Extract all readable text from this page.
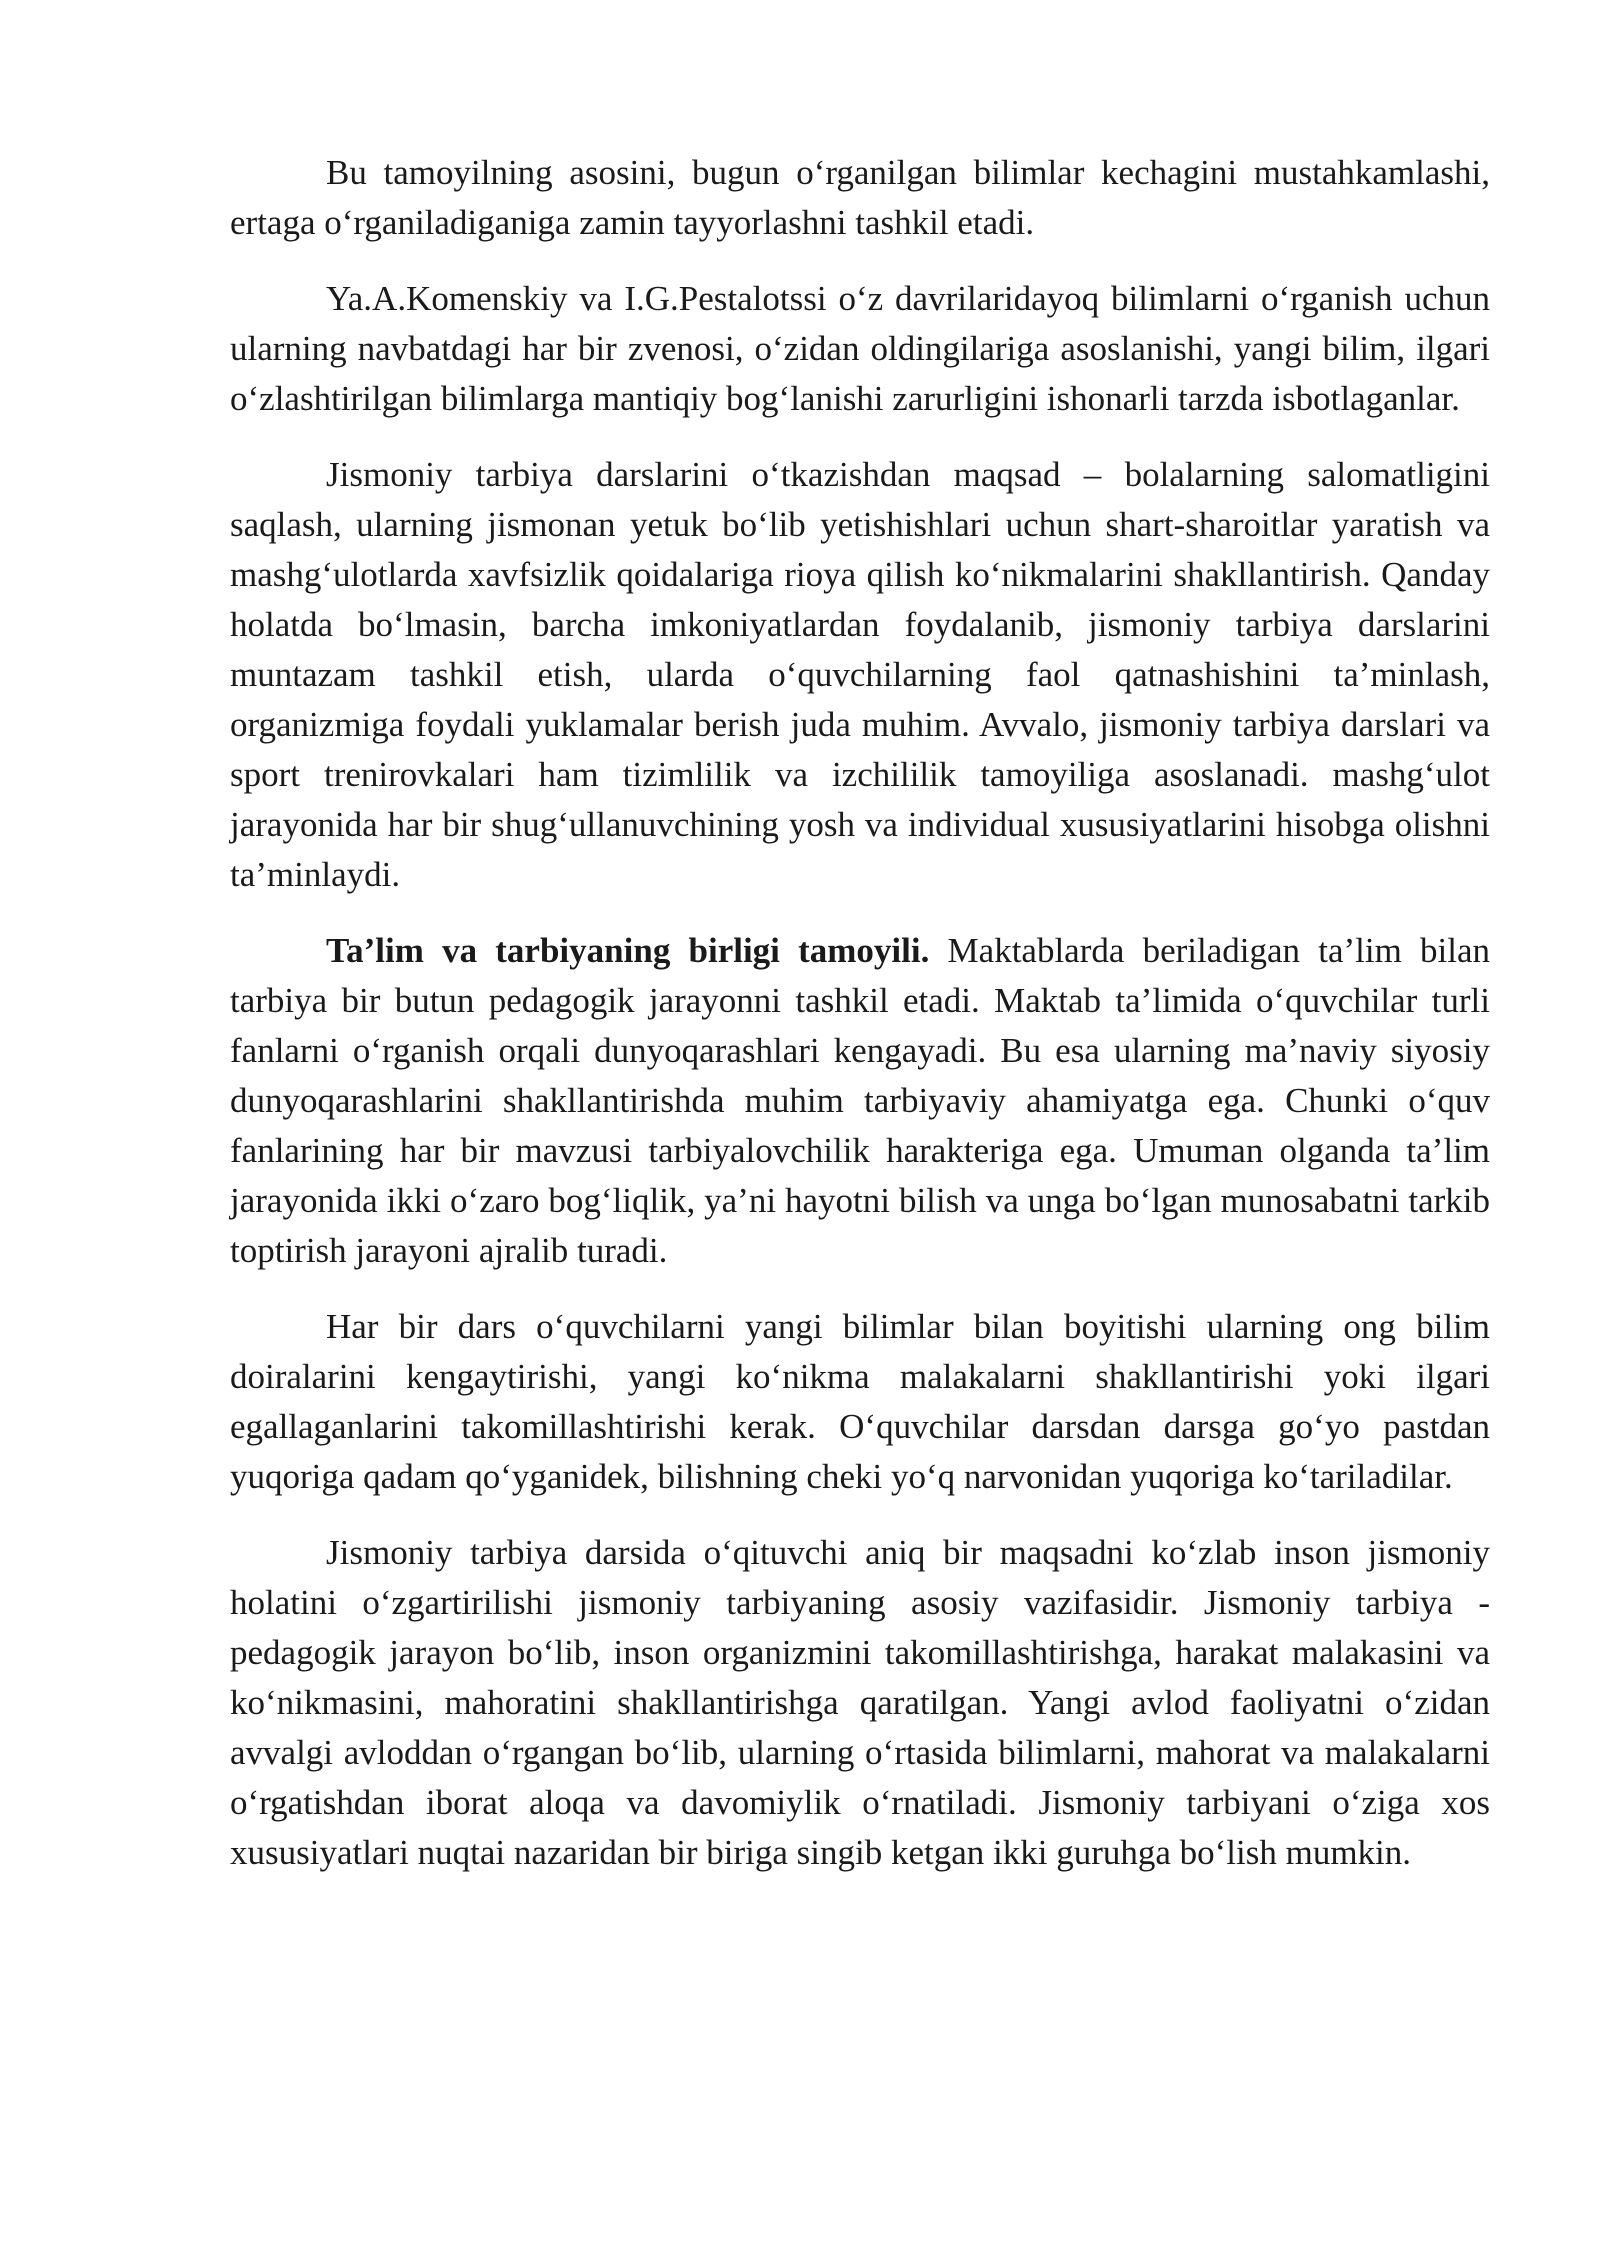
Bu tamoyilning asosini, bugun o‘rganilgan bilimlar kechagini mustahkamlashi, ertaga o‘rganiladiganiga zamin tayyorlashni tashkil etadi.

Ya.A.Komenskiy va I.G.Pestalotssi o‘z davrilaridayoq bilimlarni o‘rganish uchun ularning navbatdagi har bir zvenosi, o‘zidan oldingilariga asoslanishi, yangi bilim, ilgari o‘zlashtirilgan bilimlarga mantiqiy bog‘lanishi zarurligini ishonarli tarzda isbotlaganlar.

Jismoniy tarbiya darslarini o‘tkazishdan maqsad – bolalarning salomatligini saqlash, ularning jismonan yetuk bo‘lib yetishishlari uchun shart-sharoitlar yaratish va mashg‘ulotlarda xavfsizlik qoidalariga rioya qilish ko‘nikmalarini shakllantirish. Qanday holatda bo‘lmasin, barcha imkoniyatlardan foydalanib, jismoniy tarbiya darslarini muntazam tashkil etish, ularda o‘quvchilarning faol qatnashishini ta’minlash, organizmiga foydali yuklamalar berish juda muhim. Avvalo, jismoniy tarbiya darslari va sport trenirovkalari ham tizimlilik va izchililik tamoyiliga asoslanadi. mashg‘ulot jarayonida har bir shug‘ullanuvchining yosh va individual xususiyatlarini hisobga olishni ta’minlaydi.

Ta’lim va tarbiyaning birligi tamoyili. Maktablarda beriladigan ta’lim bilan tarbiya bir butun pedagogik jarayonni tashkil etadi. Maktab ta’limida o‘quvchilar turli fanlarni o‘rganish orqali dunyoqarashlari kengayadi. Bu esa ularning ma’naviy siyosiy dunyoqarashlarini shakllantirishda muhim tarbiyaviy ahamiyatga ega. Chunki o‘quv fanlarining har bir mavzusi tarbiyalovchilik harakteriga ega. Umuman olganda ta’lim jarayonida ikki o‘zaro bog‘liqlik, ya’ni hayotni bilish va unga bo‘lgan munosabatni tarkib toptirish jarayoni ajralib turadi.

Har bir dars o‘quvchilarni yangi bilimlar bilan boyitishi ularning ong bilim doiralarini kengaytirishi, yangi ko‘nikma malakalarni shakllantirishi yoki ilgari egallaganlarini takomillashtirishi kerak. O‘quvchilar darsdan darsga go‘yo pastdan yuqoriga qadam qo‘yganidek, bilishning cheki yo‘q narvonidan yuqoriga ko‘tariladilar.

Jismoniy tarbiya darsida o‘qituvchi aniq bir maqsadni ko‘zlab inson jismoniy holatini o‘zgartirilishi jismoniy tarbiyaning asosiy vazifasidir. Jismoniy tarbiya - pedagogik jarayon bo‘lib, inson organizmini takomillashtirishga, harakat malakasini va ko‘nikmasini, mahoratini shakllantirishga qaratilgan. Yangi avlod faoliyatni o‘zidan avvalgi avloddan o‘rgangan bo‘lib, ularning o‘rtasida bilimlarni, mahorat va malakalarni o‘rgatishdan iborat aloqa va davomiylik o‘rnatiladi. Jismoniy tarbiyani o‘ziga xos xususiyatlari nuqtai nazaridan bir biriga singib ketgan ikki guruhga bo‘lish mumkin.
